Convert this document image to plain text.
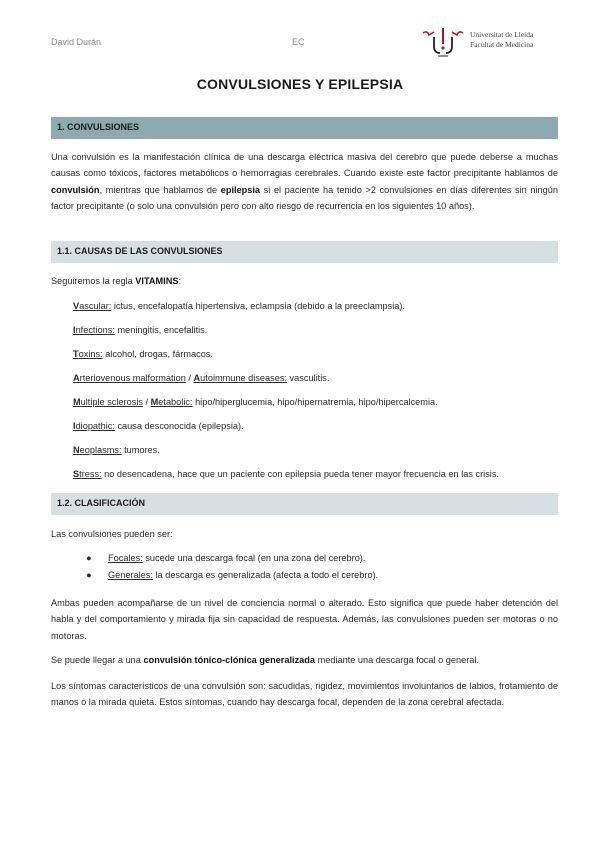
David Durán	EC
Universitat de Lleida
Facultat de Medicina
CONVULSIONES Y EPILEPSIA
1. CONVULSIONES
Una convulsión es la manifestación clínica de una descarga eléctrica masiva del cerebro que puede deberse a muchas causas como tóxicos, factores metabólicos o hemorragias cerebrales. Cuando existe este factor precipitante hablamos de convulsión, mientras que hablamos de epilepsia si el paciente ha tenido >2 convulsiones en días diferentes sin ningún factor precipitante (o solo una convulsión pero con alto riesgo de recurrencia en los siguientes 10 años).
1.1. CAUSAS DE LAS CONVULSIONES
Seguiremos la regla VITAMINS:
Vascular: ictus, encefalopatía hipertensiva, eclampsia (debido a la preeclampsia).
Infections: meningitis, encefalitis.
Toxins: alcohol, drogas, fármacos.
Arteriovenous malformation / Autoimmune diseases: vasculitis.
Multiple sclerosis / Metabolic: hipo/hiperglucemia, hipo/hipernatremia, hipo/hipercalcemia.
Idiopathic: causa desconocida (epilepsia).
Neoplasms: tumores.
Stress: no desencadena, hace que un paciente con epilepsia pueda tener mayor frecuencia en las crisis.
1.2. CLASIFICACIÓN
Las convulsiones pueden ser:
● Focales: sucede una descarga focal (en una zona del cerebro).
● Generales: la descarga es generalizada (afecta a todo el cerebro).
Ambas pueden acompañarse de un nivel de conciencia normal o alterado. Esto significa que puede haber detención del habla y del comportamiento y mirada fija sin capacidad de respuesta. Además, las convulsiones pueden ser motoras o no motoras.
Se puede llegar a una convulsión tónico-clónica generalizada mediante una descarga focal o general.
Los síntomas característicos de una convulsión son: sacudidas, rigidez, movimientos involuntarios de labios, frotamiento de manos o la mirada quieta. Estos síntomas, cuando hay descarga focal, dependen de la zona cerebral afectada.
